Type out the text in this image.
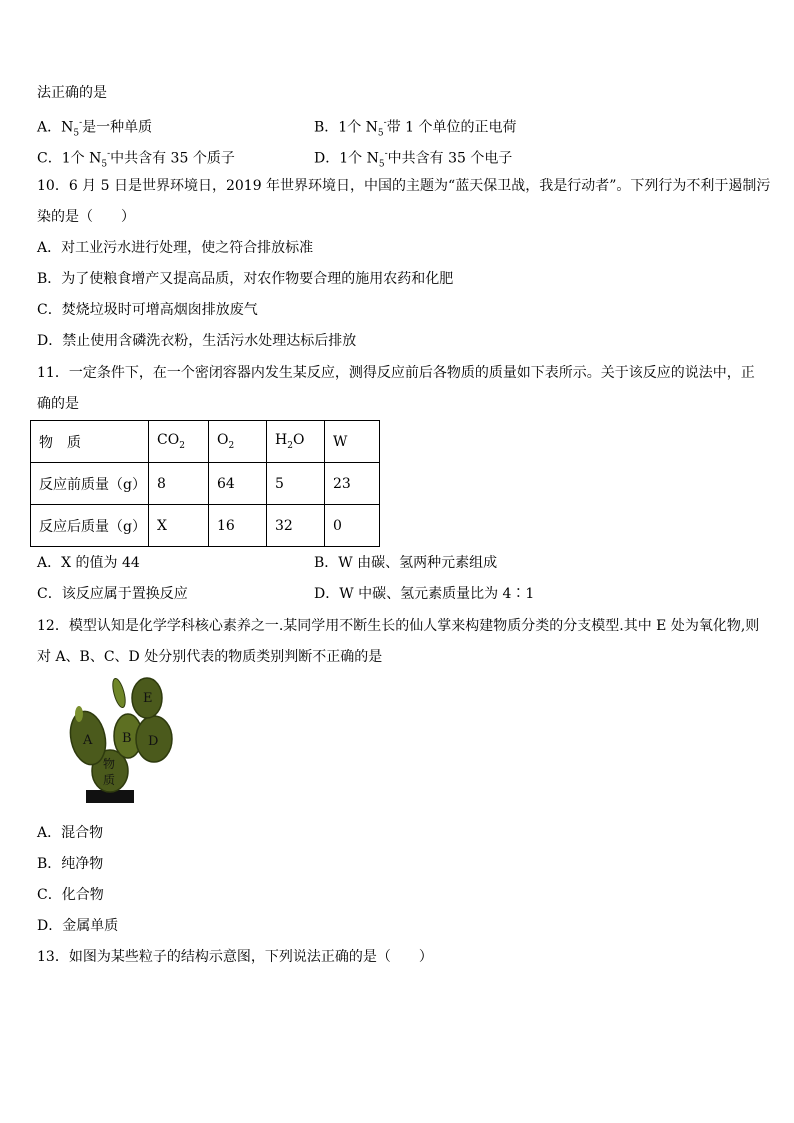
法正确的是
A．$N_5^-$是一种单质	B．1个 $N_5^-$带 1 个单位的正电荷
C．1个 $N_5^-$中共含有 35 个质子	D．1个 $N_5^-$中共含有 35 个电子
10．6 月 5 日是世界环境日，2019 年世界环境日，中国的主题为“蓝天保卫战，我是行动者”。下列行为不利于遏制污
染的是（　　）
A．对工业污水进行处理，使之符合排放标准
B．为了使粮食增产又提高品质，对农作物要合理的施用农药和化肥
C．焚烧垃圾时可增高烟囱排放废气
D．禁止使用含磷洗衣粉，生活污水处理达标后排放
11．一定条件下，在一个密闭容器内发生某反应，测得反应前后各物质的质量如下表所示。关于该反应的说法中，正
确的是
物　质	$CO_2$	$O_2$	$H_2O$	W
反应前质量（g）	8	64	5	23
反应后质量（g）	X	16	32	0
A．X 的值为 44	B．W 由碳、氢两种元素组成
C．该反应属于置换反应	D．W 中碳、氢元素质量比为 4∶1
12．模型认知是化学学科核心素养之一.某同学用不断生长的仙人掌来构建物质分类的分支模型.其中 E 处为氧化物,则
对 A、B、C、D 处分别代表的物质类别判断不正确的是
A B D
E
物
质
A．混合物
B．纯净物
C．化合物
D．金属单质
13．如图为某些粒子的结构示意图，下列说法正确的是（　　）
